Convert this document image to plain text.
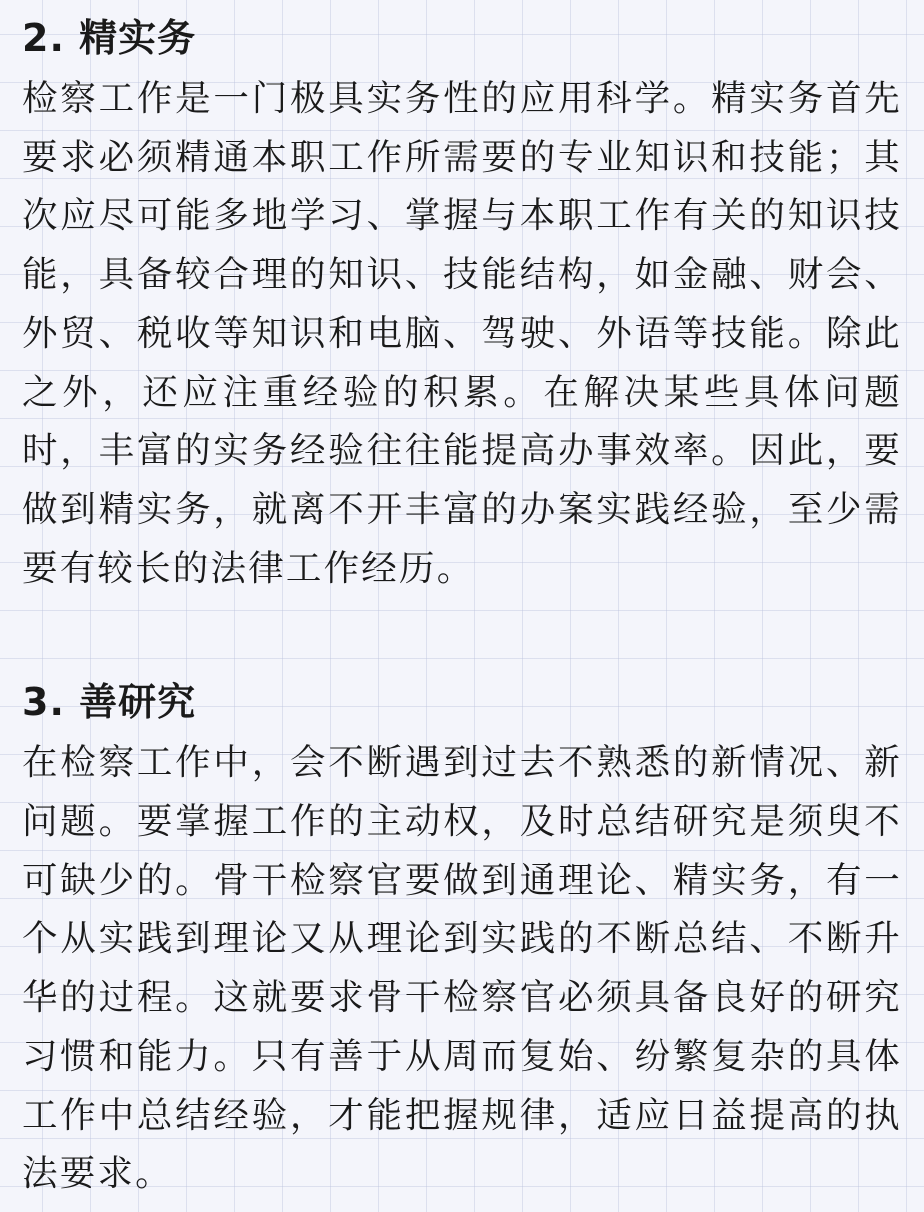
2. 精实务

检察工作是一门极具实务性的应用科学。精实务首先要求必须精通本职工作所需要的专业知识和技能；其次应尽可能多地学习、掌握与本职工作有关的知识技能，具备较合理的知识、技能结构，如金融、财会、外贸、税收等知识和电脑、驾驶、外语等技能。除此之外，还应注重经验的积累。在解决某些具体问题时，丰富的实务经验往往能提高办事效率。因此，要做到精实务，就离不开丰富的办案实践经验，至少需要有较长的法律工作经历。

3. 善研究

在检察工作中，会不断遇到过去不熟悉的新情况、新问题。要掌握工作的主动权，及时总结研究是须臾不可缺少的。骨干检察官要做到通理论、精实务，有一个从实践到理论又从理论到实践的不断总结、不断升华的过程。这就要求骨干检察官必须具备良好的研究习惯和能力。只有善于从周而复始、纷繁复杂的具体工作中总结经验，才能把握规律，适应日益提高的执法要求。
